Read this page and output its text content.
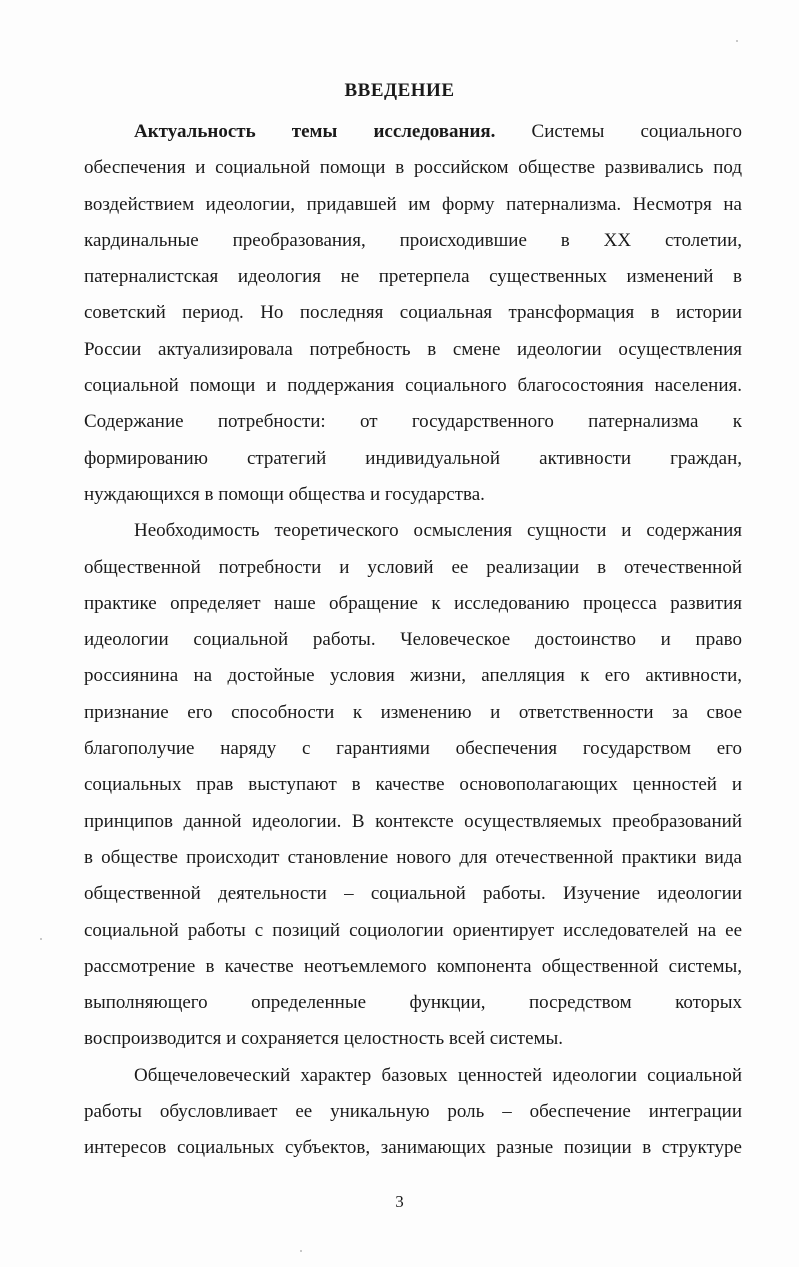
ВВЕДЕНИЕ
Актуальность темы исследования. Системы социального
обеспечения и социальной помощи в российском обществе развивались под
воздействием идеологии, придавшей им форму патернализма. Несмотря на
кардинальные преобразования, происходившие в XX столетии,
патерналистская идеология не претерпела существенных изменений в
советский период. Но последняя социальная трансформация в истории
России актуализировала потребность в смене идеологии осуществления
социальной помощи и поддержания социального благосостояния населения.
Содержание потребности: от государственного патернализма к
формированию стратегий индивидуальной активности граждан,
нуждающихся в помощи общества и государства.
Необходимость теоретического осмысления сущности и содержания
общественной потребности и условий ее реализации в отечественной
практике определяет наше обращение к исследованию процесса развития
идеологии социальной работы. Человеческое достоинство и право
россиянина на достойные условия жизни, апелляция к его активности,
признание его способности к изменению и ответственности за свое
благополучие наряду с гарантиями обеспечения государством его
социальных прав выступают в качестве основополагающих ценностей и
принципов данной идеологии. В контексте осуществляемых преобразований
в обществе происходит становление нового для отечественной практики вида
общественной деятельности – социальной работы. Изучение идеологии
социальной работы с позиций социологии ориентирует исследователей на ее
рассмотрение в качестве неотъемлемого компонента общественной системы,
выполняющего определенные функции, посредством которых
воспроизводится и сохраняется целостность всей системы.
Общечеловеческий характер базовых ценностей идеологии социальной
работы обусловливает ее уникальную роль – обеспечение интеграции
интересов социальных субъектов, занимающих разные позиции в структуре
3
